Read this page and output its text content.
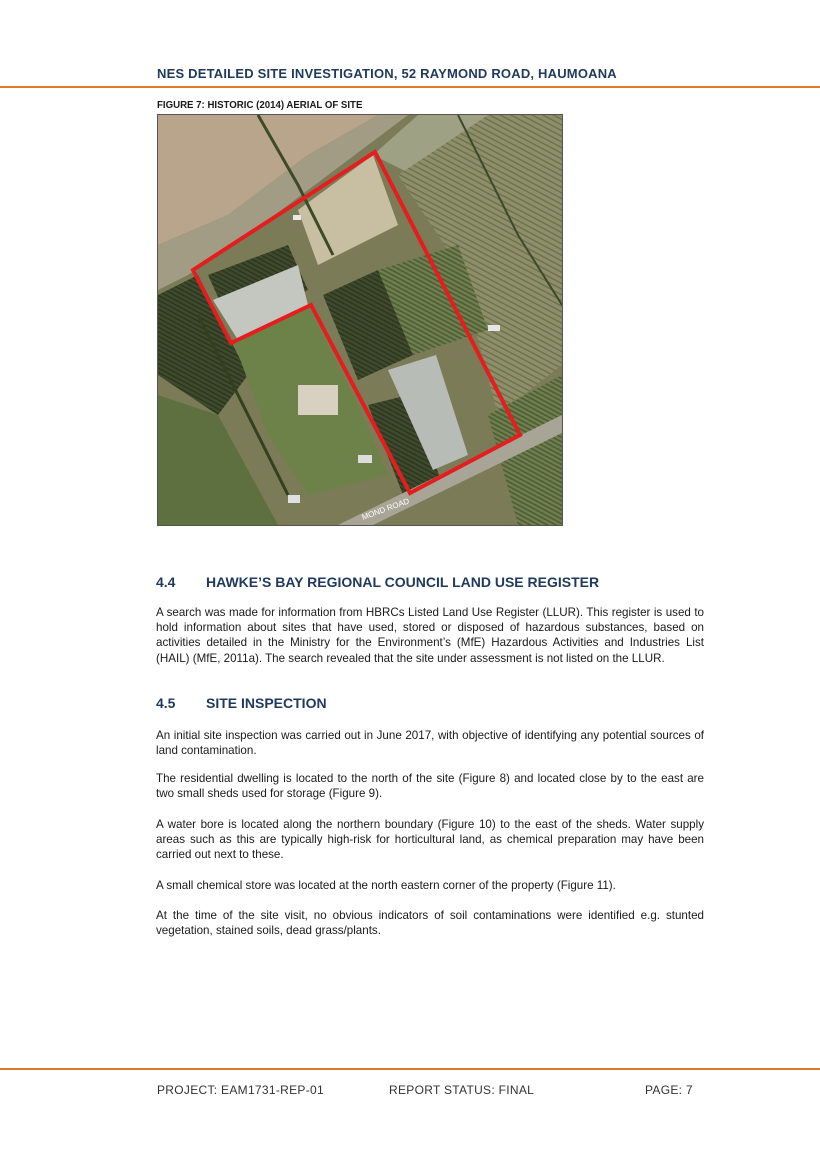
NES DETAILED SITE INVESTIGATION, 52 RAYMOND ROAD, HAUMOANA
FIGURE 7: HISTORIC (2014) AERIAL OF SITE
MOND ROAD
4.4 HAWKE’S BAY REGIONAL COUNCIL LAND USE REGISTER
A search was made for information from HBRCs Listed Land Use Register (LLUR). This register is used to hold information about sites that have used, stored or disposed of hazardous substances, based on activities detailed in the Ministry for the Environment’s (MfE) Hazardous Activities and Industries List (HAIL) (MfE, 2011a). The search revealed that the site under assessment is not listed on the LLUR.
4.5 SITE INSPECTION
An initial site inspection was carried out in June 2017, with objective of identifying any potential sources of land contamination.
The residential dwelling is located to the north of the site (Figure 8) and located close by to the east are two small sheds used for storage (Figure 9).
A water bore is located along the northern boundary (Figure 10) to the east of the sheds. Water supply areas such as this are typically high-risk for horticultural land, as chemical preparation may have been carried out next to these.
A small chemical store was located at the north eastern corner of the property (Figure 11).
At the time of the site visit, no obvious indicators of soil contaminations were identified e.g. stunted vegetation, stained soils, dead grass/plants.
PROJECT: EAM1731-REP-01	REPORT STATUS: FINAL	PAGE: 7
